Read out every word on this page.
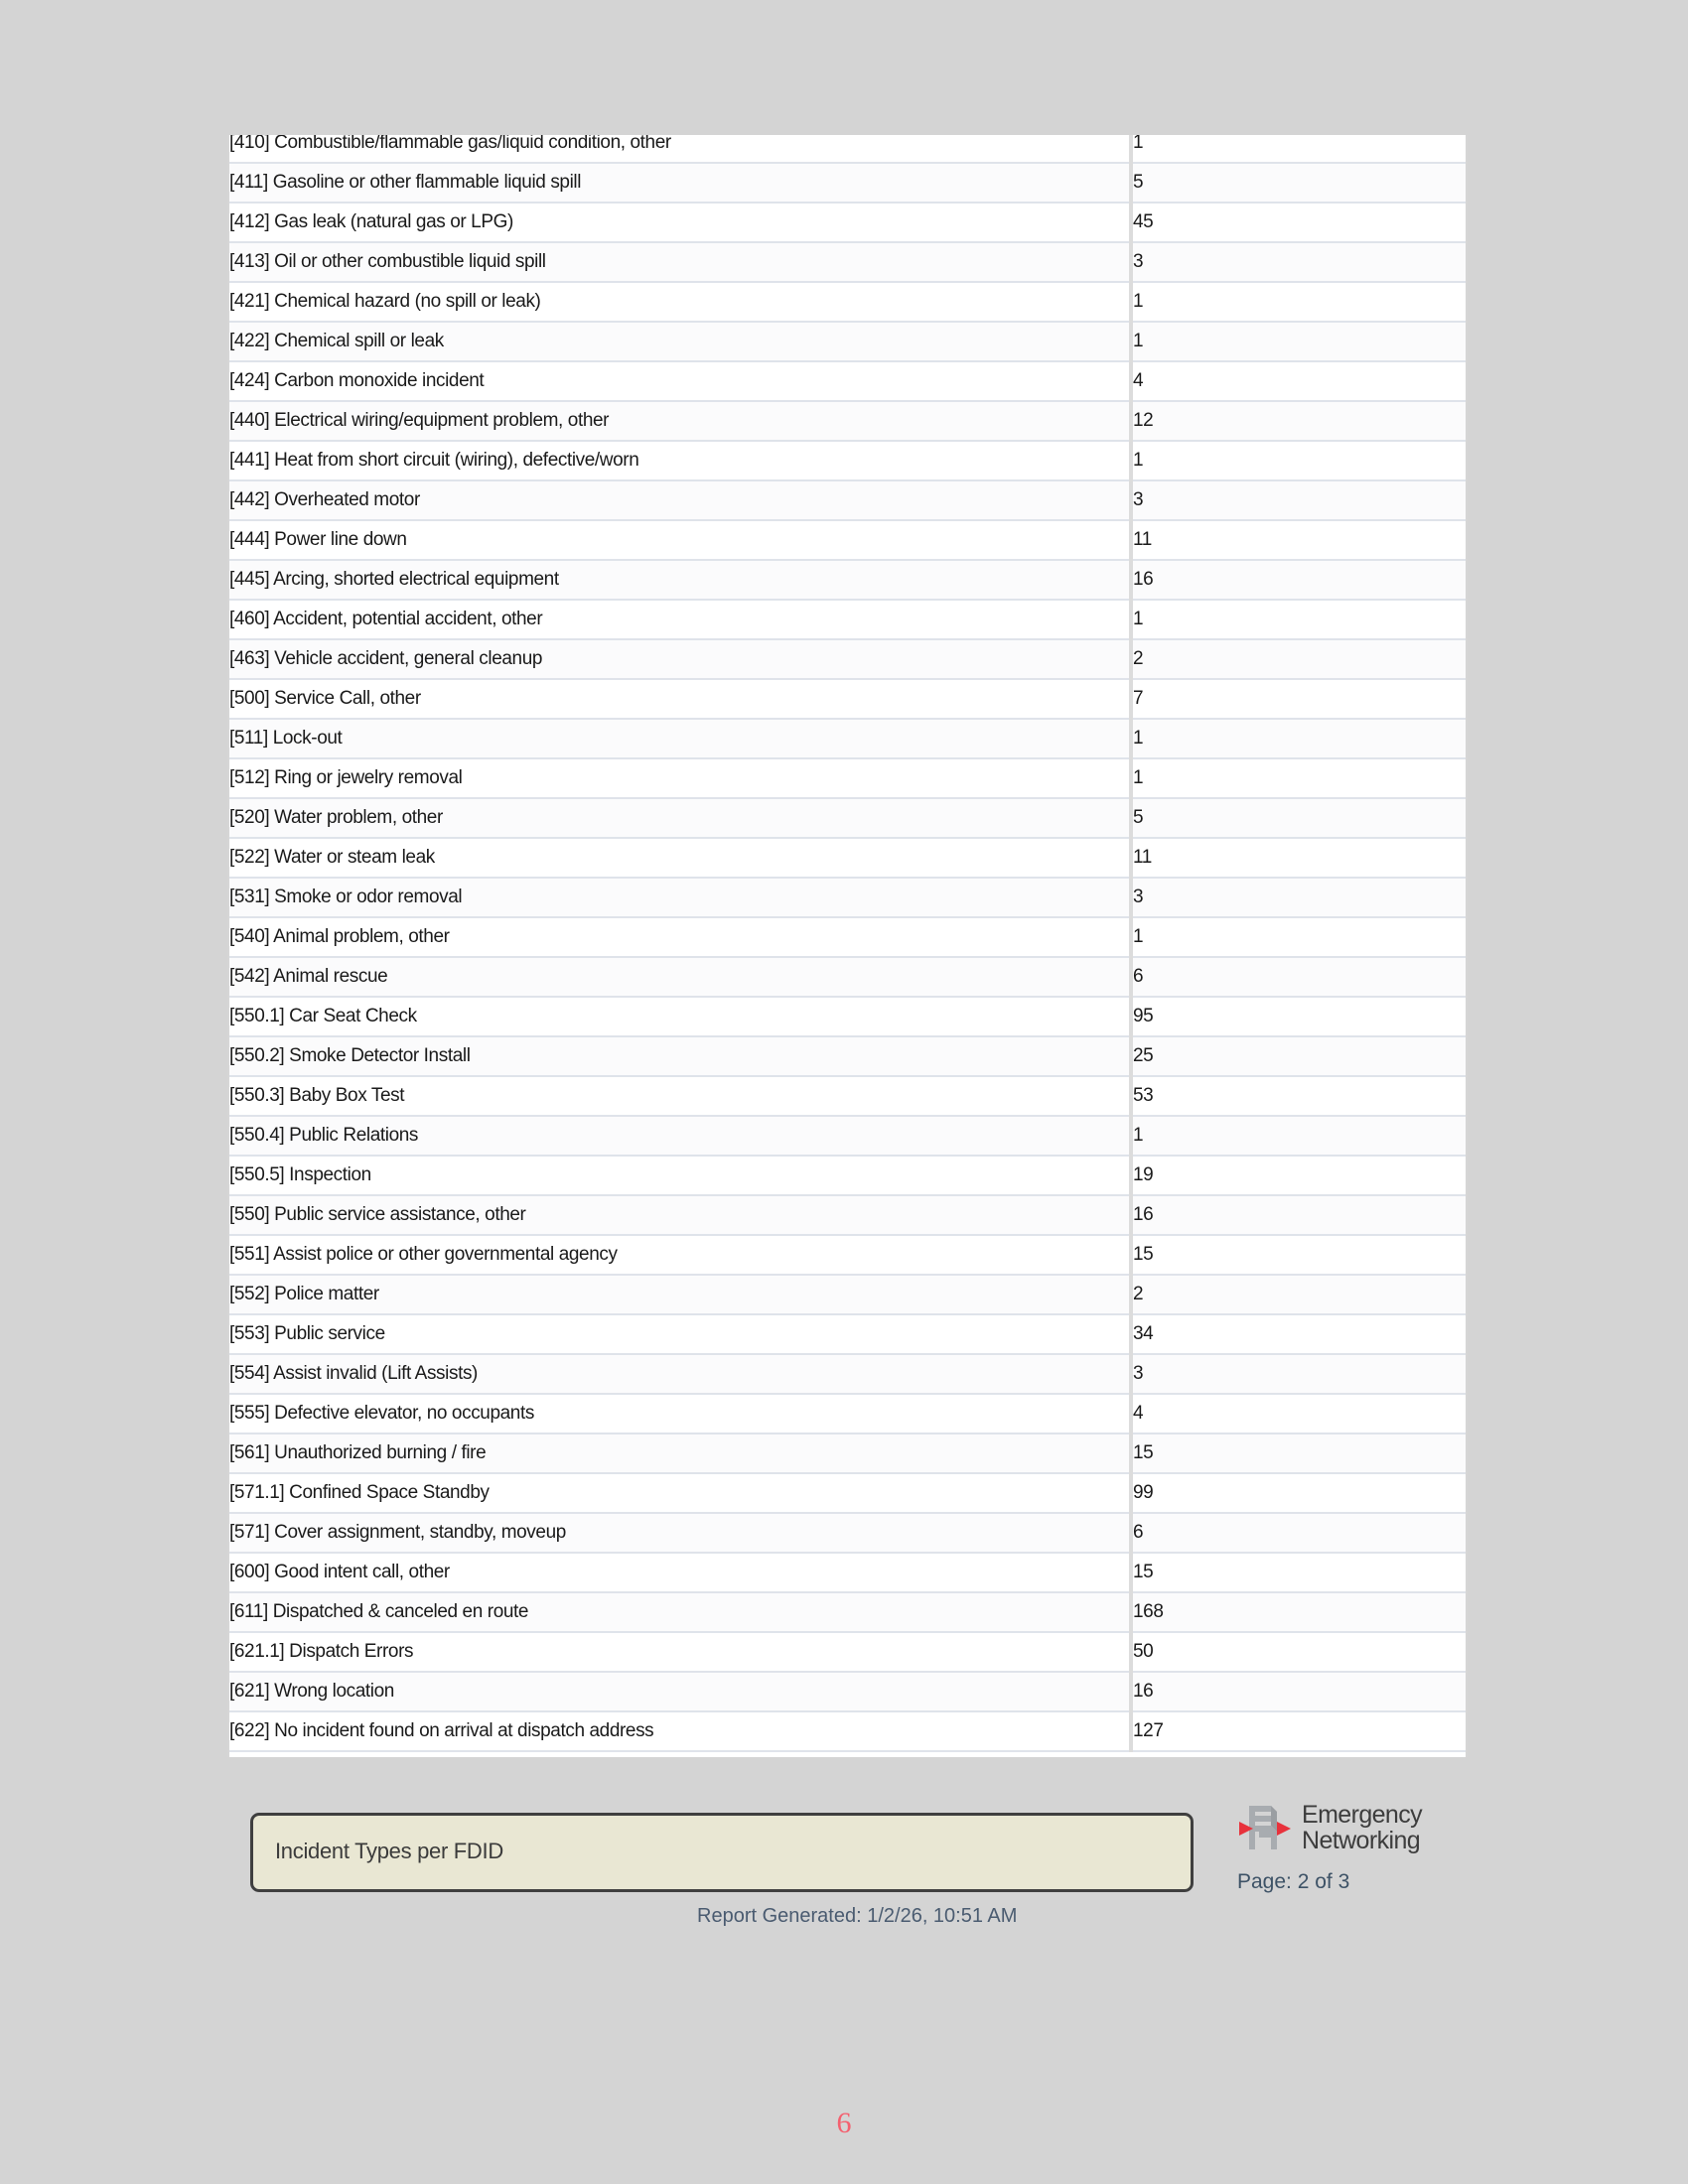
[410] Combustible/flammable gas/liquid condition, other	1
[411] Gasoline or other flammable liquid spill	5
[412] Gas leak (natural gas or LPG)	45
[413] Oil or other combustible liquid spill	3
[421] Chemical hazard (no spill or leak)	1
[422] Chemical spill or leak	1
[424] Carbon monoxide incident	4
[440] Electrical wiring/equipment problem, other	12
[441] Heat from short circuit (wiring), defective/worn	1
[442] Overheated motor	3
[444] Power line down	11
[445] Arcing, shorted electrical equipment	16
[460] Accident, potential accident, other	1
[463] Vehicle accident, general cleanup	2
[500] Service Call, other	7
[511] Lock-out	1
[512] Ring or jewelry removal	1
[520] Water problem, other	5
[522] Water or steam leak	11
[531] Smoke or odor removal	3
[540] Animal problem, other	1
[542] Animal rescue	6
[550.1] Car Seat Check	95
[550.2] Smoke Detector Install	25
[550.3] Baby Box Test	53
[550.4] Public Relations	1
[550.5] Inspection	19
[550] Public service assistance, other	16
[551] Assist police or other governmental agency	15
[552] Police matter	2
[553] Public service	34
[554] Assist invalid (Lift Assists)	3
[555] Defective elevator, no occupants	4
[561] Unauthorized burning / fire	15
[571.1] Confined Space Standby	99
[571] Cover assignment, standby, moveup	6
[600] Good intent call, other	15
[611] Dispatched & canceled en route	168
[621.1] Dispatch Errors	50
[621] Wrong location	16
[622] No incident found on arrival at dispatch address	127
Incident Types per FDID
Report Generated: 1/2/26, 10:51 AM
Emergency
Networking
Page: 2 of 3
6
